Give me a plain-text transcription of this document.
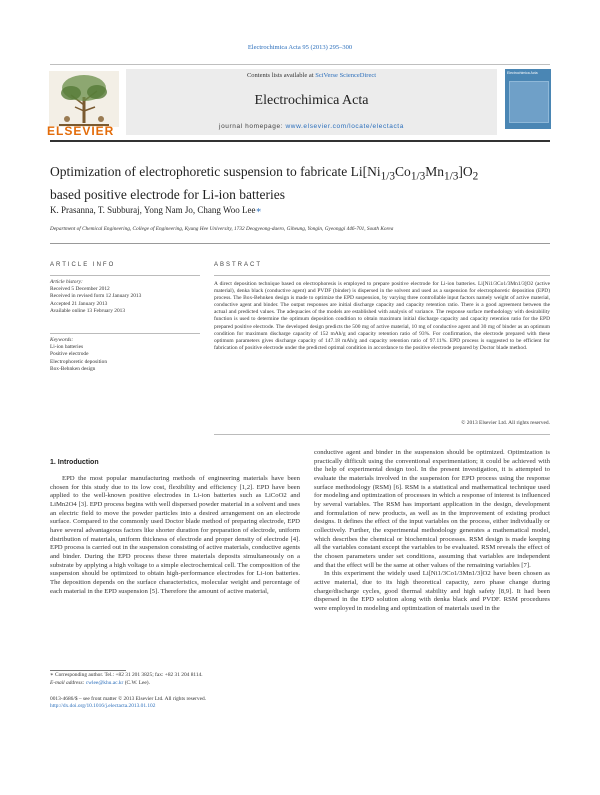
Electrochimica Acta 95 (2013) 295–300
ELSEVIER
Contents lists available at SciVerse ScienceDirect
Electrochimica Acta
journal homepage: www.elsevier.com/locate/electacta
Electrochimica Acta
Optimization of electrophoretic suspension to fabricate $Li[Ni_{1/3}Co_{1/3}Mn_{1/3}]O_2$
based positive electrode for Li-ion batteries
K. Prasanna, T. Subburaj, Yong Nam Jo, Chang Woo Lee∗
Department of Chemical Engineering, College of Engineering, Kyung Hee University, 1732 Deogyeong-daero, Giheung, Yongin, Gyeonggi 446-701, South Korea
ARTICLE INFO
Article history:
Received 5 December 2012
Received in revised form 12 January 2013
Accepted 21 January 2013
Available online 13 February 2013
Keywords:
Li-ion batteries
Positive electrode
Electrophoretic deposition
Box-Behnken design
ABSTRACT
A direct deposition technique based on electrophoresis is employed to prepare positive electrode for Li-ion batteries. Li[Ni1/3Co1/3Mn1/3]O2 (active material), denka black (conductive agent) and PVDF (binder) is dispersed in the solvent and used as a suspension for electrophoretic deposition (EPD) process. The Box-Behnken design is made to optimize the EPD suspension, by varying three controllable input factors namely weight of active material, conductive agent and binder. The output responses are initial discharge capacity and capacity retention ratio. There is a good agreement between the actual and predicted values. The adequacies of the models are established with analysis of variance. The response surface methodology with desirability function is used to determine the optimum deposition condition to obtain maximum initial discharge capacity and capacity retention ratio for the EPD prepared positive electrode. The developed design predicts the 500 mg of active material, 10 mg of conductive agent and 30 mg of binder as an optimum condition for maximum discharge capacity of 152 mAh/g and capacity retention ratio of 93%. For confirmation, the electrode prepared with these optimum parameters gives discharge capacity of 147.18 mAh/g and capacity retention ratio of 97.11%. EPD process is suggested to be efficient for fabrication of positive electrode under the predicted optimal condition in accordance to the positive electrode prepared by Doctor blade method.
© 2013 Elsevier Ltd. All rights reserved.
1. Introduction
EPD the most popular manufacturing methods of engineering materials have been chosen for this study due to its low cost, flexibility and efficiency [1,2]. EPD have been applied to the well-known positive electrodes in Li-ion batteries such as LiCoO2 and LiMn2O4 [3]. EPD process begins with well dispersed powder material in a solvent and uses an electric field to move the powder particles into a desired arrangement on an electrode surface. Compared to the commonly used Doctor blade method of preparing electrode, EPD have several advantageous factors like shorter duration for preparation of electrode, uniform distribution of materials, uniform thickness of electrode and proper density of electrode [4]. EPD process is carried out in the suspension consisting of active materials, conductive agents and binder. During the EPD process these three materials deposits simultaneously on a substrate by applying a high voltage to a simple electrochemical cell. The composition of the suspension should be optimized to obtain high-performance electrodes for Li-ion batteries. The deposition depends on the surface characteristics, molecular weight and percentage of each material in the EPD suspension [5]. Therefore the amount of active material,

conductive agent and binder in the suspension should be optimized. Optimization is practically difficult using the conventional experimentation; it could be achieved with the help of experimental design tool. In the present investigation, it is attempted to evaluate the materials involved in the suspension for EPD process using the response surface methodology (RSM) [6]. RSM is a statistical and mathematical technique used for modeling and optimization of processes in which a response of interest is influenced by several variables. The RSM has important application in the design, development and formulation of new products, as well as in the improvement of existing product designs. It defines the effect of the input variables on the process, either individually or collectively. Further, the experimental methodology generates a mathematical model, which describes the chemical or biochemical processes. RSM design is made keeping all the variables constant except the variables to be evaluated. RSM reveals the effect of the chosen parameters under set conditions, assuming that variables are independent and that the effect will be the same at other values of the remaining variables [7].

In this experiment the widely used Li[Ni1/3Co1/3Mn1/3]O2 have been chosen as active material, due to its high theoretical capacity, zero phase change during charge/discharge cycles, good thermal stability and high safety [8,9]. It had been dispersed in the EPD solution along with denka black and PVDF. RSM procedures were employed in modeling and optimization of materials used in the

∗ Corresponding author. Tel.: +82 31 201 3825; fax: +82 31 204 8114.
E-mail address: cwlee@khu.ac.kr (C.W. Lee).
0013-4686/$ – see front matter © 2013 Elsevier Ltd. All rights reserved.
http://dx.doi.org/10.1016/j.electacta.2013.01.102
